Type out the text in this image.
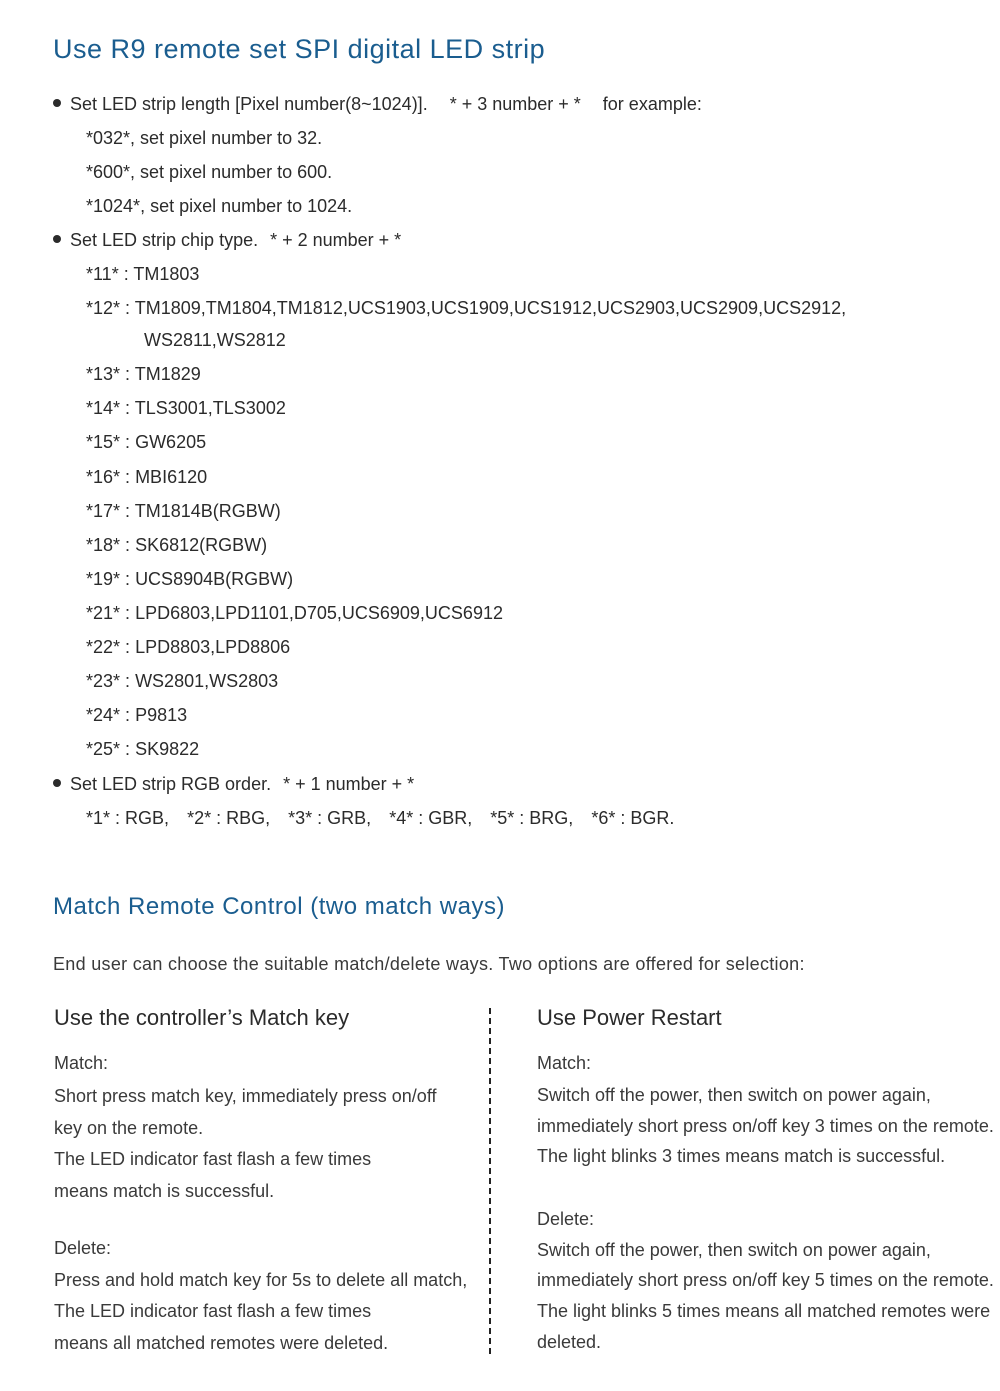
Use R9 remote set SPI digital LED strip
Set LED strip length [Pixel number(8~1024)]. * + 3 number + * for example:
*032*, set pixel number to 32.
*600*, set pixel number to 600.
*1024*, set pixel number to 1024.
Set LED strip chip type. * + 2 number + *
*11* : TM1803
*12* : TM1809,TM1804,TM1812,UCS1903,UCS1909,UCS1912,UCS2903,UCS2909,UCS2912,
WS2811,WS2812
*13* : TM1829
*14* : TLS3001,TLS3002
*15* : GW6205
*16* : MBI6120
*17* : TM1814B(RGBW)
*18* : SK6812(RGBW)
*19* : UCS8904B(RGBW)
*21* : LPD6803,LPD1101,D705,UCS6909,UCS6912
*22* : LPD8803,LPD8806
*23* : WS2801,WS2803
*24* : P9813
*25* : SK9822
Set LED strip RGB order. * + 1 number + *
*1* : RGB, *2* : RBG, *3* : GRB, *4* : GBR, *5* : BRG, *6* : BGR.
Match Remote Control (two match ways)
End user can choose the suitable match/delete ways. Two options are offered for selection:
Use the controller’s Match key
Match:
Short press match key, immediately press on/off
key on the remote.
The LED indicator fast flash a few times
means match is successful.
Delete:
Press and hold match key for 5s to delete all match,
The LED indicator fast flash a few times
means all matched remotes were deleted.
Use Power Restart
Match:
Switch off the power, then switch on power again,
immediately short press on/off key 3 times on the remote.
The light blinks 3 times means match is successful.
Delete:
Switch off the power, then switch on power again,
immediately short press on/off key 5 times on the remote.
The light blinks 5 times means all matched remotes were
deleted.
